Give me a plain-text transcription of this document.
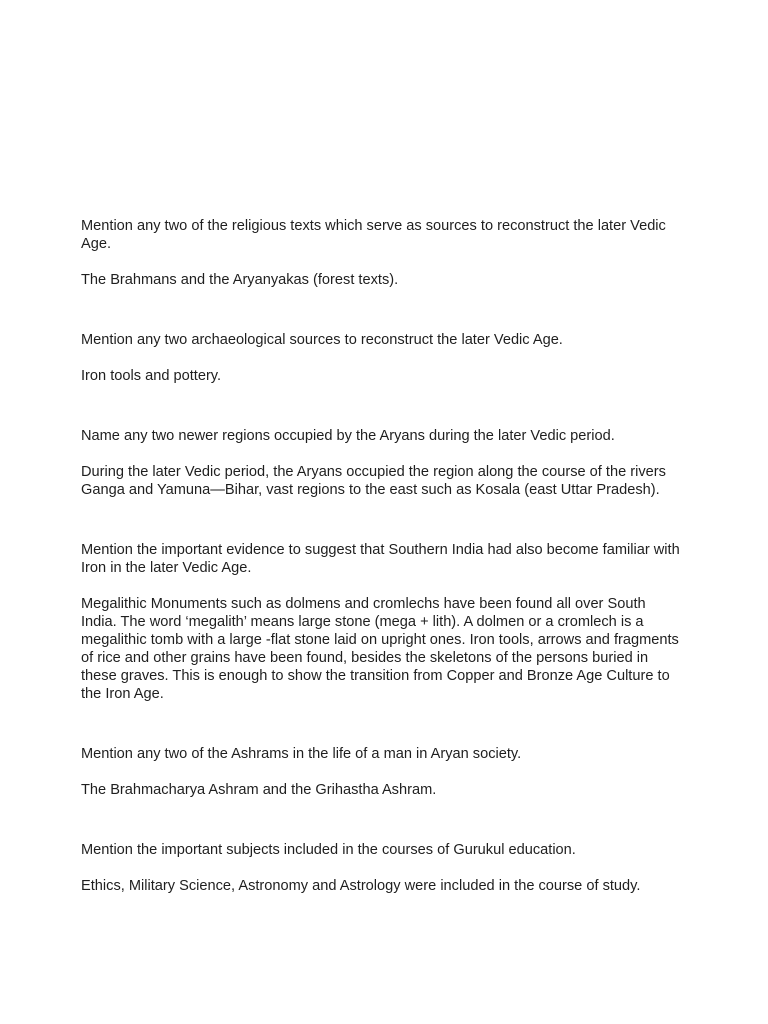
Mention any two of the religious texts which serve as sources to reconstruct the later Vedic Age.

The Brahmans and the Aryanyakas (forest texts).

Mention any two archaeological sources to reconstruct the later Vedic Age.

Iron tools and pottery.

Name any two newer regions occupied by the Aryans during the later Vedic period.

During the later Vedic period, the Aryans occupied the region along the course of the rivers Ganga and Yamuna—Bihar, vast regions to the east such as Kosala (east Uttar Pradesh).

Mention the important evidence to suggest that Southern India had also become familiar with Iron in the later Vedic Age.

Megalithic Monuments such as dolmens and cromlechs have been found all over South India. The word ‘megalith’ means large stone (mega + lith). A dolmen or a cromlech is a megalithic tomb with a large -flat stone laid on upright ones. Iron tools, arrows and fragments of rice and other grains have been found, besides the skeletons of the persons buried in these graves. This is enough to show the transition from Copper and Bronze Age Culture to the Iron Age.

Mention any two of the Ashrams in the life of a man in Aryan society.

The Brahmacharya Ashram and the Grihastha Ashram.

Mention the important subjects included in the courses of Gurukul education.

Ethics, Military Science, Astronomy and Astrology were included in the course of study.
